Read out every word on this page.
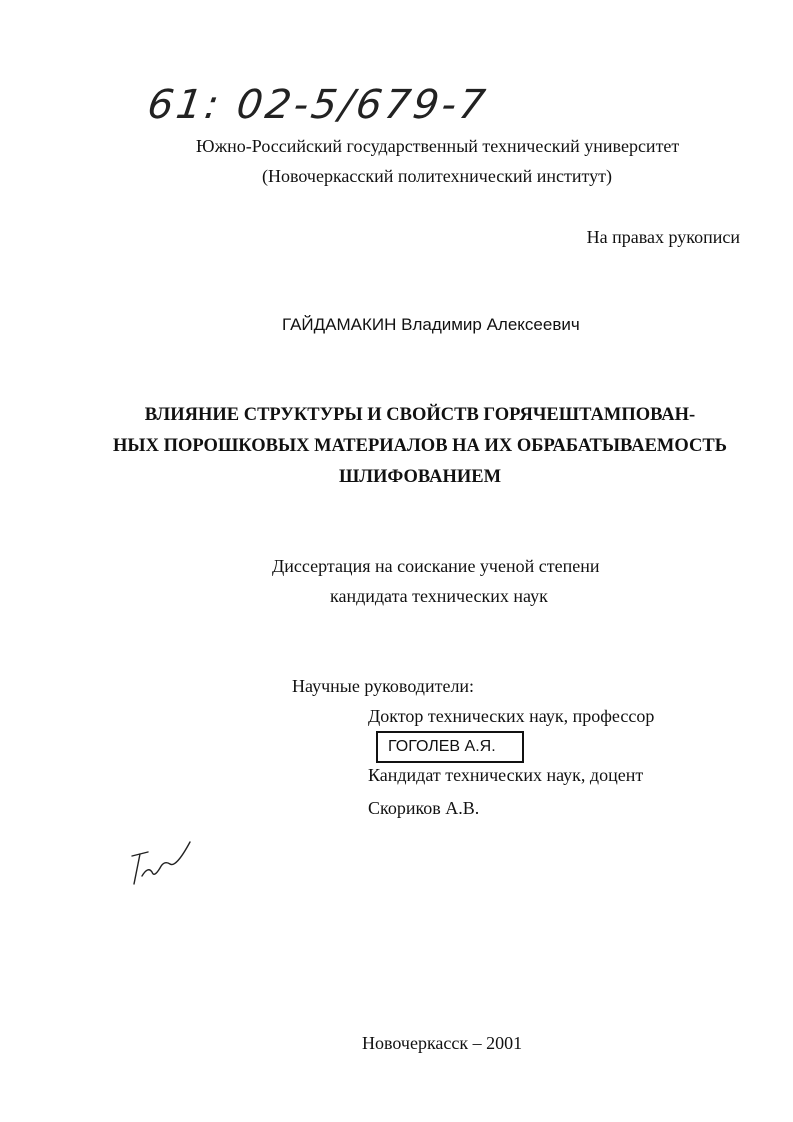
61: 02-5/679-7
Южно-Российский государственный технический университет
(Новочеркасский политехнический институт)
На правах рукописи
ГАЙДАМАКИН Владимир Алексеевич
ВЛИЯНИЕ СТРУКТУРЫ И СВОЙСТВ ГОРЯЧЕШТАМПОВАН-
НЫХ ПОРОШКОВЫХ МАТЕРИАЛОВ НА ИХ ОБРАБАТЫВАЕМОСТЬ
ШЛИФОВАНИЕМ
Диссертация на соискание ученой степени
кандидата технических наук
Научные руководители:
Доктор технических наук, профессор
ГОГОЛЕВ А.Я.
Кандидат технических наук, доцент
Скориков А.В.
Новочеркасск – 2001
